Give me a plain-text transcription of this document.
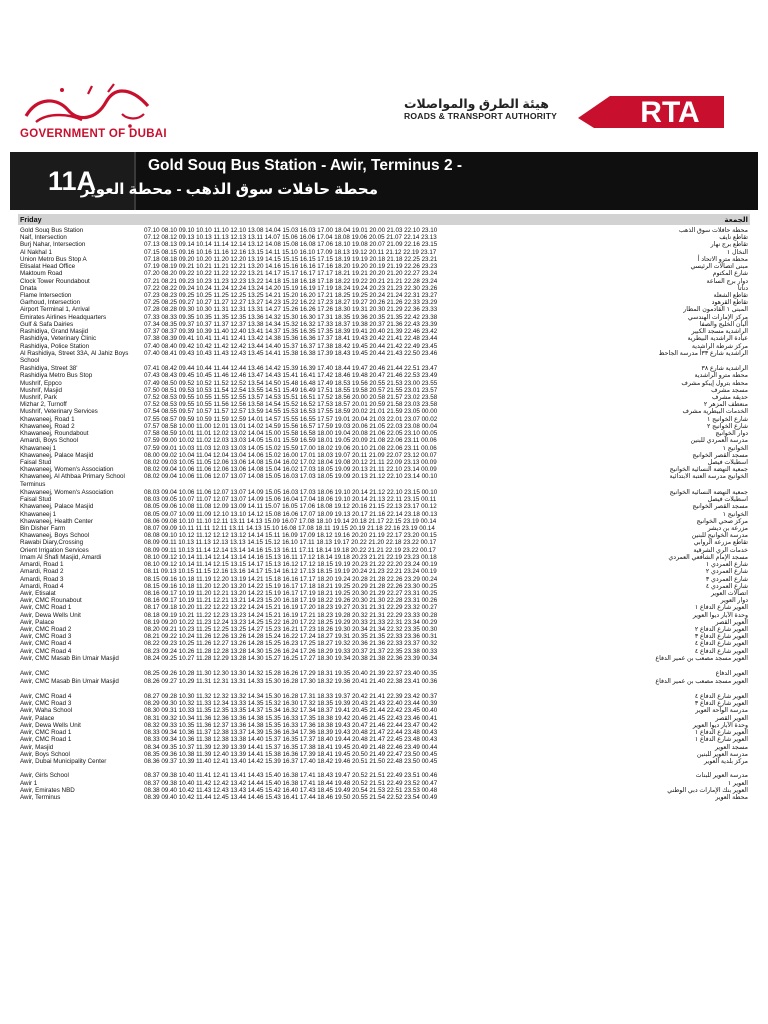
GOVERNMENT OF DUBAI
هيئة الطرق والمواصلات
ROADS & TRANSPORT AUTHORITY	RTA
11A	Gold Souq Bus Station - Awir, Terminus 2 -
محطة حافلات سوق الذهب - محطة العوير
Friday	الجمعة
Gold Souq Bus Station	07.10 08.10 09.10 10.10 11.10 12.10 13.08 14.04 15.03 16.03 17.00 18.04 19.01 20.00 21.03 22.10 23.10	محطة حافلات سوق الذهب
Naif, Intersection	07.12 08.12 09.13 10.13 11.13 12.13 13.11 14.07 15.06 16.06 17.04 18.08 19.06 20.05 21.07 22.14 23.13	تقاطع نايف
Burj Nahar, Intersection	07.13 08.13 09.14 10.14 11.14 12.14 13.12 14.08 15.08 16.08 17.06 18.10 19.08 20.07 21.09 22.16 23.15	تقاطع برج نهار
Al Nakhal 1	07.15 08.15 09.16 10.16 11.16 12.16 13.15 14.11 15.10 16.10 17.09 18.13 19.12 20.11 21.12 22.19 23.17	النخال ١
Union Metro Bus Stop A	07.18 08.18 09.20 10.20 11.20 12.20 13.19 14.15 15.15 16.15 17.15 18.19 19.19 20.18 21.18 22.25 23.21	محطة مترو الاتحاد أ
Etisalat Head Office	07.19 08.19 09.21 10.21 11.21 12.21 13.20 14.16 15.16 16.16 17.16 18.20 19.20 20.19 21.19 22.26 23.23	مبنى اتصالات الرئيسي
Maktoum Road	07.20 08.20 09.22 10.22 11.22 12.22 13.21 14.17 15.17 16.17 17.17 18.21 19.21 20.20 21.20 22.27 23.24	شارع المكتوم
Clock Tower Roundabout	07.21 08.21 09.23 10.23 11.23 12.23 13.22 14.18 15.18 16.18 17.18 18.22 19.22 20.21 21.21 22.28 23.24	دوار برج الساعة
Dnata	07.22 08.22 09.24 10.24 11.24 12.24 13.24 14.20 15.19 16.19 17.19 18.24 19.24 20.23 21.23 22.30 23.26	دناتا
Flame Intersection	07.23 08.23 09.25 10.25 11.25 12.25 13.25 14.21 15.20 16.20 17.21 18.25 19.25 20.24 21.24 22.31 23.27	تقاطع الشعلة
Garhoud, Intersection	07.25 08.25 09.27 10.27 11.27 12.27 13.27 14.23 15.22 16.22 17.23 18.27 19.27 20.26 21.26 22.33 23.29	تقاطع القرهود
Airport Terminal 1, Arrival	07.28 08.28 09.30 10.30 11.31 12.31 13.31 14.27 15.26 16.26 17.26 18.30 19.31 20.30 21.29 22.36 23.33	المبنى ١ القادمون المطار
Emirates Airlines Headquarters	07.33 08.33 09.35 10.35 11.35 12.35 13.36 14.32 15.30 16.30 17.31 18.35 19.36 20.35 21.35 22.42 23.38	مركز الإمارات الهندسي
Gulf & Safa Dairies	07.34 08.35 09.37 10.37 11.37 12.37 13.38 14.34 15.32 16.32 17.33 18.37 19.38 20.37 21.36 22.43 23.39	ألبان الخليج والصفا
Rashidiya, Grand Masjid	07.37 08.37 09.39 10.39 11.40 12.40 13.41 14.37 15.35 16.35 17.35 18.39 19.41 20.40 21.39 22.46 23.42	الراشدية مسجد الكبير
Rashidiya, Veterinary Clinic	07.38 08.39 09.41 10.41 11.41 12.41 13.42 14.38 15.36 16.36 17.37 18.41 19.43 20.42 21.41 22.48 23.44	عيادة الراشدية البيطرية
Rashidiya, Police Station	07.40 08.40 09.42 10.42 11.42 12.42 13.44 14.40 15.37 16.37 17.38 18.42 19.45 20.44 21.42 22.49 23.45	مركز شرطة الراشدية
Al Rashidiya, Street 33A, Al Jahiz Boys School
07.40 08.41 09.43 10.43 11.43 12.43 13.45 14.41 15.38 16.38 17.39 18.43 19.45 20.44 21.43 22.50 23.46	الراشدية شارع ٣٣أ مدرسة الجاحظ
Rashidiya, Street 38'	07.41 08.42 09.44 10.44 11.44 12.44 13.46 14.42 15.39 16.39 17.40 18.44 19.47 20.46 21.44 22.51 23.47	الراشدية شارع ٣٨
Rashidiya Metro Bus Stop	07.43 08.43 09.45 10.45 11.46 12.46 13.47 14.43 15.41 16.41 17.42 18.46 19.48 20.47 21.46 22.53 23.49	محطة مترو الراشدية
Mushrif, Eppco	07.49 08.50 09.52 10.52 11.52 12.52 13.54 14.50 15.48 16.48 17.49 18.53 19.56 20.55 21.53 23.00 23.55	محطة بترول إيبكو مشرف
Mushrif, Masjid	07.50 08.51 09.53 10.53 11.54 12.54 13.55 14.51 15.49 16.49 17.51 18.55 19.58 20.57 21.55 23.01 23.57	مسجد مشرف
Mushrif, Park	07.52 08.53 09.55 10.55 11.55 12.55 13.57 14.53 15.51 16.51 17.52 18.56 20.00 20.58 21.57 23.02 23.58	حديقة مشرف
Mizhar 2, Turnoff	07.52 08.53 09.55 10.55 11.56 12.56 13.58 14.54 15.52 16.52 17.53 18.57 20.01 20.59 21.58 23.03 23.58	منعطف المزهر ٢
Mushrif, Veterinary Services	07.54 08.55 09.57 10.57 11.57 12.57 13.59 14.55 15.53 16.53 17.55 18.59 20.02 21.01 21.59 23.05 00.00	الخدمات البيطرية مشرف
Khawaneej, Road 1	07.55 08.57 09.59 10.59 11.59 12.59 14.01 14.57 15.55 16.55 17.57 19.01 20.04 21.03 22.01 23.07 00.02	شارع الخوانيج ١
Khawaneej, Road 2	07.57 08.58 10.00 11.00 12.01 13.01 14.02 14.59 15.56 16.57 17.59 19.03 20.06 21.05 22.03 23.08 00.04	شارع الخوانيج ٢
Khawaneej, Roundabout	07.58 08.59 10.01 11.01 12.02 13.02 14.04 15.00 15.58 16.58 18.00 19.04 20.08 21.06 22.05 23.10 00.05	دوار الخوانيج
Amardi, Boys School	07.59 09.00 10.02 11.02 12.03 13.03 14.05 15.01 15.59 16.59 18.01 19.05 20.09 21.08 22.06 23.11 00.06	مدرسة العمردي للبنين
Khawaneej 1	07.59 09.01 10.03 11.03 12.03 13.03 14.05 15.02 15.59 17.00 18.02 19.06 20.10 21.08 22.06 23.11 00.06	الخوانيج ١
Khawaneej, Palace Masjid	08.00 09.02 10.04 11.04 12.04 13.04 14.06 15.02 16.00 17.01 18.03 19.07 20.11 21.09 22.07 23.12 00.07	مسجد القصر الخوانيج
Faisal Stud	08.02 09.03 10.05 11.05 12.06 13.06 14.08 15.04 16.02 17.02 18.04 19.08 20.12 21.11 22.09 23.13 00.09	اسطبلات فيصل
Khawaneej, Women's Association	08.02 09.04 10.06 11.06 12.06 13.06 14.08 15.04 16.02 17.03 18.05 19.09 20.13 21.11 22.10 23.14 00.09	جمعية النهضة النسائية الخوانيج
Khawaneej, Al Athbaa Primary School Terminus
08.02 09.04 10.06 11.06 12.07 13.07 14.08 15.05 16.03 17.03 18.05 19.09 20.13 21.12 22.10 23.14 00.10	الخوانيج مدرسة العتبة الابتدائية
Khawaneej, Women's Association	08.03 09.04 10.06 11.06 12.07 13.07 14.09 15.05 16.03 17.03 18.06 19.10 20.14 21.12 22.10 23.15 00.10	جمعية النهضة النسائية الخوانيج
Faisal Stud	08.03 09.05 10.07 11.07 12.07 13.07 14.09 15.06 16.04 17.04 18.06 19.10 20.14 21.13 22.11 23.15 00.11	اسطبلات فيصل
Khawaneej, Palace Masjid	08.05 09.06 10.08 11.08 12.09 13.09 14.11 15.07 16.05 17.06 18.08 19.12 20.16 21.15 22.13 23.17 00.12	مسجد القصر الخوانيج
Khawaneej 1	08.05 09.07 10.09 11.09 12.10 13.10 14.12 15.08 16.06 17.07 18.09 19.13 20.17 21.16 22.14 23.18 00.13	الخوانيج ١
Khawaneej, Health Center	08.06 09.08 10.10 11.10 12.11 13.11 14.13 15.09 16.07 17.08 18.10 19.14 20.18 21.17 22.15 23.19 00.14	مركز صحي الخوانيج
Bin Disher Farm	08.07 09.09 10.11 11.11 12.11 13.11 14.13 15.10 16.08 17.08 18.11 19.15 20.19 21.18 22.16 23.19 00.14	مزرعة بن ديشر
Khawaneej, Boys School	08.08 09.10 10.12 11.12 12.12 13.12 14.14 15.11 16.09 17.09 18.12 19.16 20.20 21.19 22.17 23.20 00.15	مدرسة الخوانيج للبنين
Rawabi Diary,Crossing	08.09 09.11 10.13 11.13 12.13 13.13 14.15 15.12 16.10 17.11 18.13 19.17 20.22 21.20 22.18 23.22 00.17	تقاطع مزرعة الروابي
Orient Irrigation Services	08.09 09.11 10.13 11.14 12.14 13.14 14.16 15.13 16.11 17.11 18.14 19.18 20.22 21.21 22.19 23.22 00.17	خدمات الري الشرقية
Imam Al Shafi Masjid, Amardi	08.10 09.12 10.14 11.14 12.14 13.14 14.16 15.13 16.11 17.12 18.14 19.18 20.23 21.21 22.19 23.23 00.18	مسجد الإمام الشافعي العمردي
Amardi, Road 1	08.10 09.12 10.14 11.14 12.15 13.15 14.17 15.13 16.12 17.12 18.15 19.19 20.23 21.22 22.20 23.24 00.19	شارع العمردي ١
Amardi, Road 2	08.11 09.13 10.15 11.15 12.16 13.16 14.17 15.14 16.12 17.13 18.15 19.19 20.24 21.23 22.21 23.24 00.19	شارع العمردي ٢
Amardi, Road 3	08.15 09.16 10.18 11.19 12.20 13.19 14.21 15.18 16.16 17.17 18.20 19.24 20.28 21.28 22.26 23.29 00.24	شارع العمردي ٣
Amardi, Road 4	08.15 09.16 10.18 11.20 12.20 13.20 14.22 15.19 16.17 17.18 18.21 19.25 20.29 21.28 22.26 23.30 00.25	شارع العمردي ٤
Awir, Etisalat	08.16 09.17 10.19 11.20 12.21 13.20 14.22 15.19 16.17 17.19 18.21 19.25 20.30 21.29 22.27 23.31 00.25	اتصالات العوير
Awir, CMC Rounabout	08.16 09.17 10.19 11.21 12.21 13.21 14.23 15.20 16.18 17.19 18.22 19.26 20.30 21.30 22.28 23.31 00.26	دوار العوير
Awir, CMC Road 1	08.17 09.18 10.20 11.22 12.22 13.22 14.24 15.21 16.19 17.20 18.23 19.27 20.31 21.31 22.29 23.32 00.27	العوير شارع الدفاع ١
Awir, Dewa Wells Unit	08.18 09.19 10.21 11.22 12.23 13.23 14.24 15.21 16.19 17.21 18.23 19.28 20.32 21.31 22.29 23.33 00.28	وحدة الآبار ديوا العوير
Awir, Palace	08.19 09.20 10.22 11.23 12.24 13.23 14.25 15.22 16.20 17.22 18.25 19.29 20.33 21.33 22.31 23.34 00.29	العوير القصر
Awir, CMC Road 2	08.20 09.21 10.23 11.25 12.25 13.25 14.27 15.23 16.21 17.23 18.26 19.30 20.34 21.34 22.32 23.35 00.30	العوير شارع الدفاع ٢
Awir, CMC Road 3	08.21 09.22 10.24 11.26 12.26 13.26 14.28 15.24 16.22 17.24 18.27 19.31 20.35 21.35 22.33 23.36 00.31	العوير شارع الدفاع ٣
Awir, CMC Road 4	08.22 09.23 10.25 11.26 12.27 13.26 14.28 15.25 16.23 17.25 18.27 19.32 20.36 21.36 22.33 23.37 00.32	العوير شارع الدفاع ٤
Awir, CMC Road 4	08.23 09.24 10.26 11.28 12.28 13.28 14.30 15.26 16.24 17.26 18.29 19.33 20.37 21.37 22.35 23.38 00.33	العوير شارع الدفاع ٤
Awir, CMC Masab Bin Umair Masjid	08.24 09.25 10.27 11.28 12.29 13.28 14.30 15.27 16.25 17.27 18.30 19.34 20.38 21.38 22.36 23.39 00.34	العوير مسجد مصعب بن عمير الدفاع
Awir, CMC	08.25 09.26 10.28 11.30 12.30 13.30 14.32 15.28 16.26 17.29 18.31 19.35 20.40 21.39 22.37 23.40 00.35	العوير الدفاع
Awir, CMC Masab Bin Umair Masjid	08.26 09.27 10.29 11.31 12.31 13.31 14.33 15.30 16.28 17.30 18.32 19.36 20.41 21.40 22.38 23.41 00.36	العوير مسجد مصعب بن عمير الدفاع
Awir, CMC Road 4	08.27 09.28 10.30 11.32 12.32 13.32 14.34 15.30 16.28 17.31 18.33 19.37 20.42 21.41 22.39 23.42 00.37	العوير شارع الدفاع ٤
Awir, CMC Road 3	08.29 09.30 10.32 11.33 12.34 13.33 14.35 15.32 16.30 17.32 18.35 19.39 20.43 21.43 22.40 23.44 00.39	العوير شارع الدفاع ٣
Awir, Waha School	08.30 09.31 10.33 11.35 12.35 13.35 14.37 15.34 16.32 17.34 18.37 19.41 20.45 21.44 22.42 23.45 00.40	مدرسة الواحة العوير
Awir, Palace	08.31 09.32 10.34 11.36 12.36 13.36 14.38 15.35 16.33 17.35 18.38 19.42 20.46 21.45 22.43 23.46 00.41	العوير القصر
Awir, Dewa Wells Unit	08.32 09.33 10.35 11.36 12.37 13.36 14.38 15.35 16.33 17.36 18.38 19.43 20.47 21.46 22.44 23.47 00.42	وحدة الآبار ديوا العوير
Awir, CMC Road 1	08.33 09.34 10.36 11.37 12.38 13.37 14.39 15.36 16.34 17.36 18.39 19.43 20.48 21.47 22.44 23.48 00.43	العوير شارع الدفاع ١
Awir, CMC Road 1	08.33 09.34 10.36 11.38 12.38 13.38 14.40 15.37 16.35 17.37 18.40 19.44 20.48 21.47 22.45 23.48 00.43	العوير شارع الدفاع ١
Awir, Masjid	08.34 09.35 10.37 11.39 12.39 13.39 14.41 15.37 16.35 17.38 18.41 19.45 20.49 21.48 22.46 23.49 00.44	مسجد العوير
Awir, Boys School	08.35 09.36 10.38 11.39 12.40 13.39 14.41 15.38 16.36 17.39 18.41 19.45 20.50 21.49 22.47 23.50 00.45	مدرسة العوير للبنين
Awir, Dubai Municipality Center	08.36 09.37 10.39 11.40 12.41 13.40 14.42 15.39 16.37 17.40 18.42 19.46 20.51 21.50 22.48 23.50 00.45	مركز بلدية العوير
Awir, Girls School	08.37 09.38 10.40 11.41 12.41 13.41 14.43 15.40 16.38 17.41 18.43 19.47 20.52 21.51 22.49 23.51 00.46	مدرسة العوير للبنات
Awir 1	08.37 09.38 10.40 11.42 12.42 13.42 14.44 15.40 16.38 17.41 18.44 19.48 20.52 21.51 22.49 23.52 00.47	العوير ١
Awir, Emirates NBD	08.38 09.40 10.42 11.43 12.43 13.43 14.45 15.42 16.40 17.43 18.45 19.49 20.54 21.53 22.51 23.53 00.48	العوير بنك الإمارات دبي الوطني
Awir, Terminus	08.39 09.40 10.42 11.44 12.45 13.44 14.46 15.43 16.41 17.44 18.46 19.50 20.55 21.54 22.52 23.54 00.49	محطة العوير
